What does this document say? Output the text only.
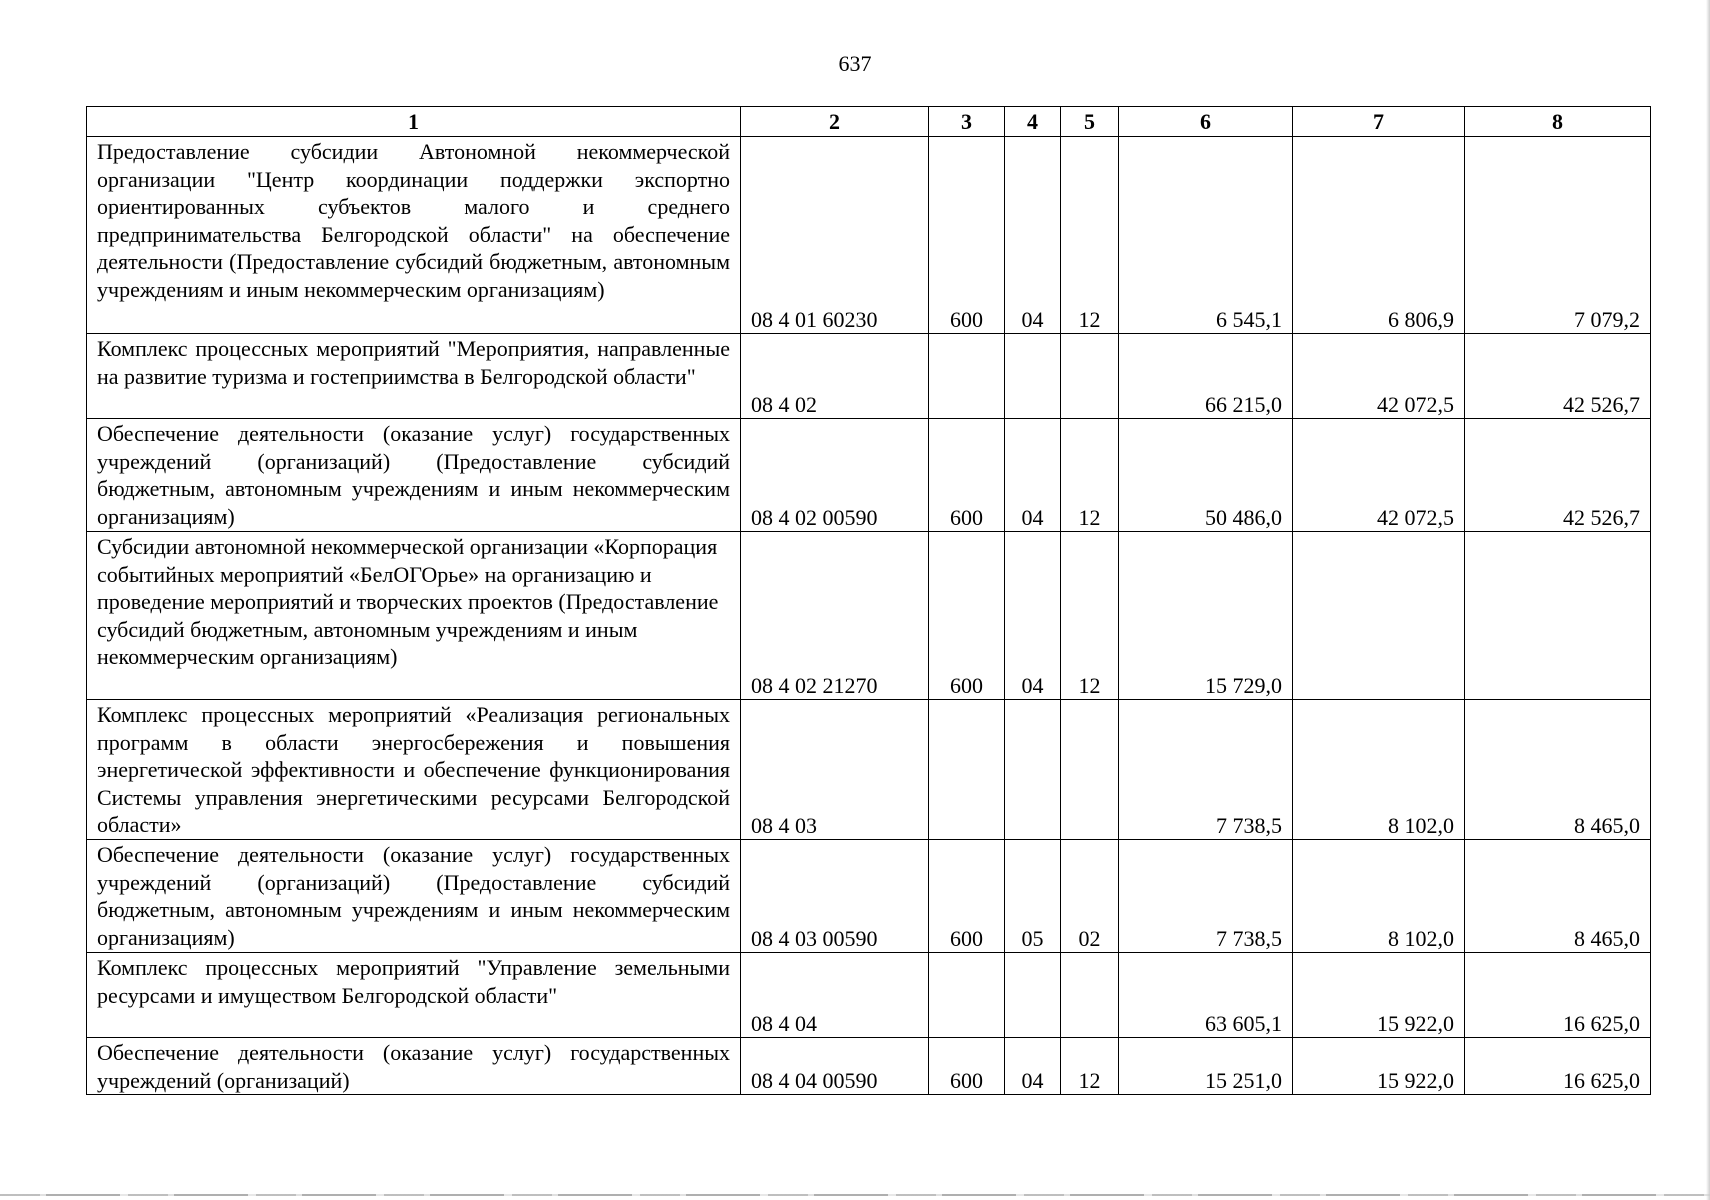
637
1	2	3	4	5	6	7	8
Предоставление субсидии Автономной некоммерческой организации "Центр координации поддержки экспортно ориентированных субъектов малого и среднего предпринимательства Белгородской области" на обеспечение деятельности (Предоставление субсидий бюджетным, автономным учреждениям и иным некоммерческим организациям)	08 4 01 60230	600	04	12	6 545,1	6 806,9	7 079,2
Комплекс процессных мероприятий "Мероприятия, направленные на развитие туризма и гостеприимства в Белгородской области"	08 4 02				66 215,0	42 072,5	42 526,7
Обеспечение деятельности (оказание услуг) государственных учреждений (организаций) (Предоставление субсидий бюджетным, автономным учреждениям и иным некоммерческим организациям)	08 4 02 00590	600	04	12	50 486,0	42 072,5	42 526,7
Субсидии автономной некоммерческой организации «Корпорация событийных мероприятий «БелОГОрье» на организацию и проведение мероприятий и творческих проектов (Предоставление субсидий бюджетным, автономным учреждениям и иным некоммерческим организациям)	08 4 02 21270	600	04	12	15 729,0		
Комплекс процессных мероприятий «Реализация региональных программ в области энергосбережения и повышения энергетической эффективности и обеспечение функционирования Системы управления энергетическими ресурсами Белгородской области»	08 4 03				7 738,5	8 102,0	8 465,0
Обеспечение деятельности (оказание услуг) государственных учреждений (организаций) (Предоставление субсидий бюджетным, автономным учреждениям и иным некоммерческим организациям)	08 4 03 00590	600	05	02	7 738,5	8 102,0	8 465,0
Комплекс процессных мероприятий "Управление земельными ресурсами и имуществом Белгородской области"	08 4 04				63 605,1	15 922,0	16 625,0
Обеспечение деятельности (оказание услуг) государственных учреждений (организаций)	08 4 04 00590	600	04	12	15 251,0	15 922,0	16 625,0
